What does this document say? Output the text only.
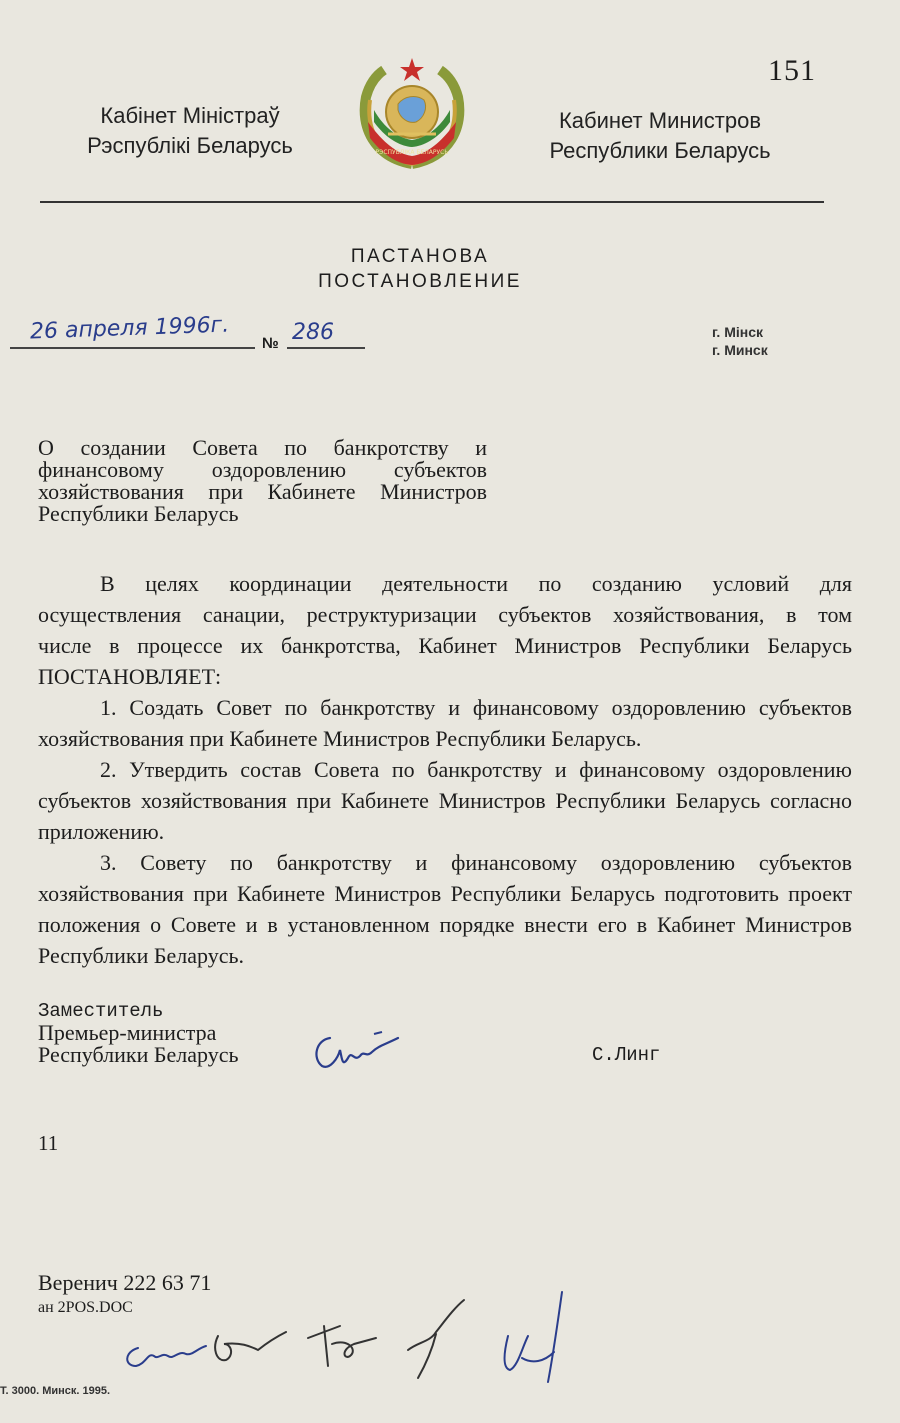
151
Кабінет Міністраў
Рэспублікі Беларусь	РЭСПУБЛІКА БЕЛАРУСЬ
Кабинет Министров
Республики Беларусь
ПАСТАНОВА
ПОСТАНОВЛЕНИЕ
26 апреля 1996г. № 286	г. Мінск
г. Минск
О создании Совета по банкротству и
финансовому оздоровлению субъектов
хозяйствования при Кабинете Министров
Республики Беларусь

В целях координации деятельности по созданию условий для

осуществления санации, реструктуризации субъектов хозяйствования, в том

числе в процессе их банкротства, Кабинет Министров Республики Беларусь

ПОСТАНОВЛЯЕТ:

1. Создать Совет по банкротству и финансовому оздоровлению субъектов хозяйствования при Кабинете Министров Республики Беларусь.

2. Утвердить состав Совета по банкротству и финансовому оздоровлению субъектов хозяйствования при Кабинете Министров Республики Беларусь согласно приложению.

3. Совету по банкротству и финансовому оздоровлению субъектов хозяйствования при Кабинете Министров Республики Беларусь подготовить проект положения о Совете и в установленном порядке внести его в Кабинет Министров Республики Беларусь.

Заместитель
Премьер-министра
Республики Беларусь	С.Линг
11
Веренич 222 63 71
ан 2POS.DOC
T. 3000. Минск. 1995.
